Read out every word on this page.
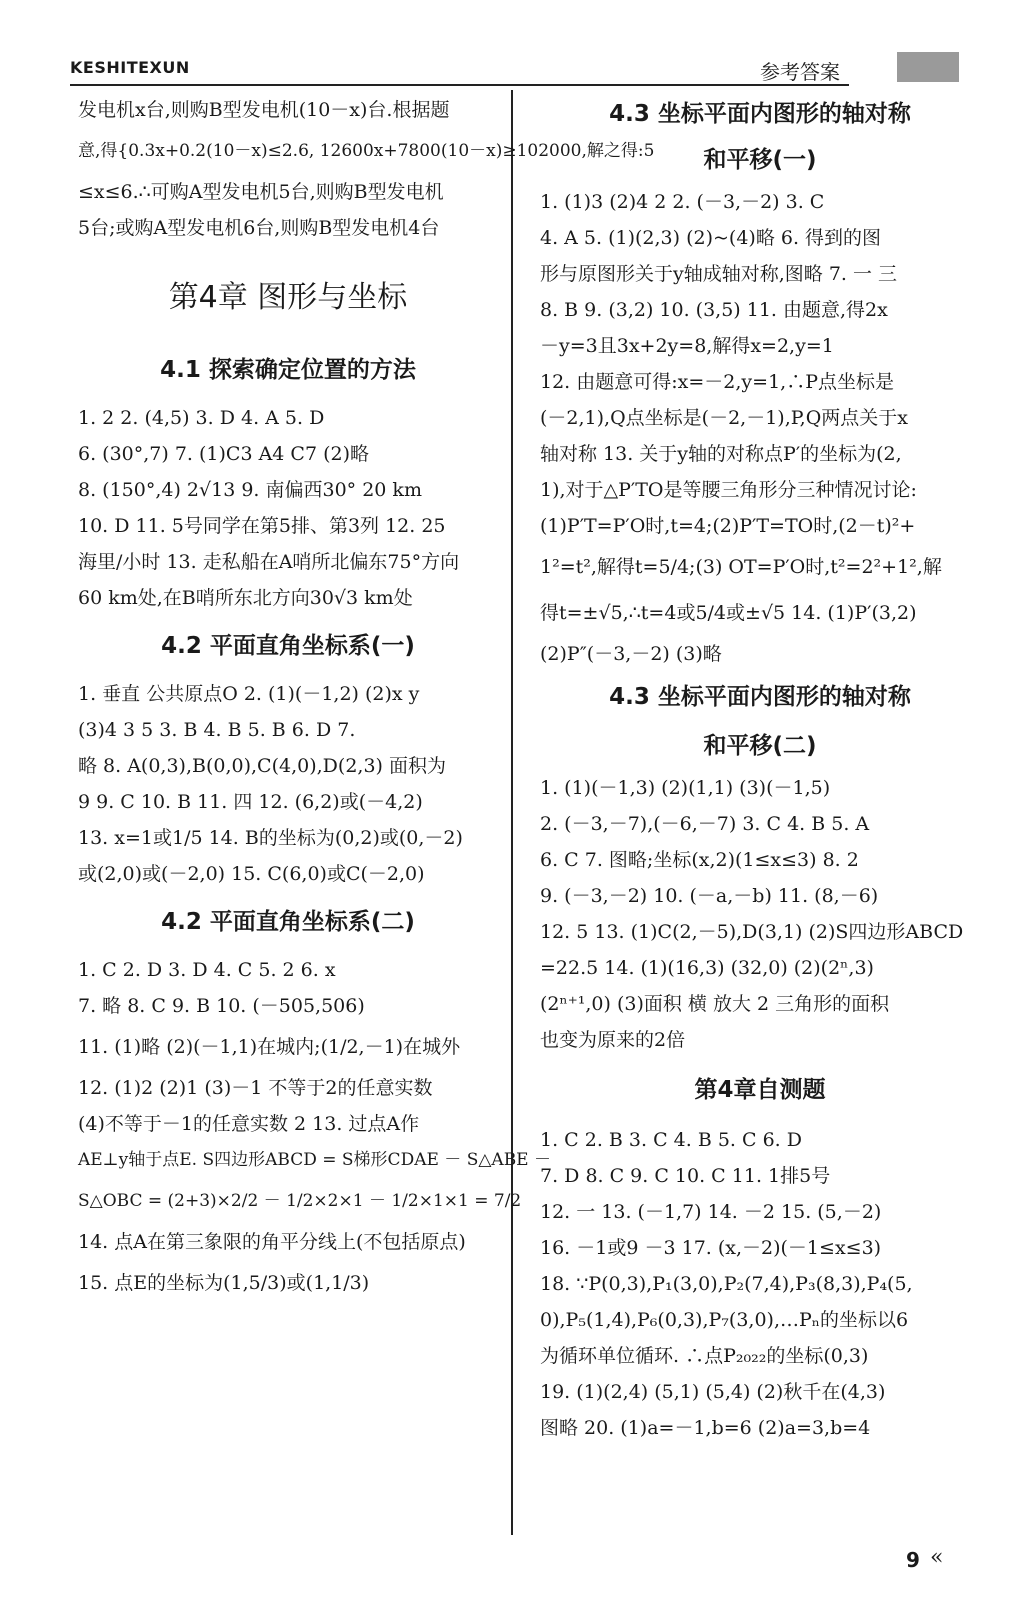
KESHITEXUN	参考答案
发电机x台,则购B型发电机(10－x)台.根据题
意,得{0.3x+0.2(10－x)≤2.6, 12600x+7800(10－x)≥102000,解之得:5
≤x≤6.∴可购A型发电机5台,则购B型发电机
5台;或购A型发电机6台,则购B型发电机4台
第4章 图形与坐标
4.1 探索确定位置的方法
1. 2 2. (4,5) 3. D 4. A 5. D
6. (30°,7) 7. (1)C3 A4 C7 (2)略
8. (150°,4) 2√13 9. 南偏西30° 20 km
10. D 11. 5号同学在第5排、第3列 12. 25
海里/小时 13. 走私船在A哨所北偏东75°方向
60 km处,在B哨所东北方向30√3 km处
4.2 平面直角坐标系(一)
1. 垂直 公共原点O 2. (1)(－1,2) (2)x y
(3)4 3 5 3. B 4. B 5. B 6. D 7.
略 8. A(0,3),B(0,0),C(4,0),D(2,3) 面积为
9 9. C 10. B 11. 四 12. (6,2)或(－4,2)
13. x=1或1/5 14. B的坐标为(0,2)或(0,－2)
或(2,0)或(－2,0) 15. C(6,0)或C(－2,0)
4.2 平面直角坐标系(二)
1. C 2. D 3. D 4. C 5. 2 6. x
7. 略 8. C 9. B 10. (－505,506)
11. (1)略 (2)(－1,1)在城内;(1/2,－1)在城外
12. (1)2 (2)1 (3)－1 不等于2的任意实数
(4)不等于－1的任意实数 2 13. 过点A作
AE⊥y轴于点E. S四边形ABCD = S梯形CDAE － S△ABE －
S△OBC = (2+3)×2/2 － 1/2×2×1 － 1/2×1×1 = 7/2
14. 点A在第三象限的角平分线上(不包括原点)
15. 点E的坐标为(1,5/3)或(1,1/3)
4.3 坐标平面内图形的轴对称
和平移(一)
1. (1)3 (2)4 2 2. (－3,－2) 3. C
4. A 5. (1)(2,3) (2)~(4)略 6. 得到的图
形与原图形关于y轴成轴对称,图略 7. 一 三
8. B 9. (3,2) 10. (3,5) 11. 由题意,得2x
－y=3且3x+2y=8,解得x=2,y=1
12. 由题意可得:x=－2,y=1,∴P点坐标是
(－2,1),Q点坐标是(－2,－1),P,Q两点关于x
轴对称 13. 关于y轴的对称点P′的坐标为(2,
1),对于△P′TO是等腰三角形分三种情况讨论:
(1)P′T=P′O时,t=4;(2)P′T=TO时,(2－t)²+
1²=t²,解得t=5/4;(3) OT=P′O时,t²=2²+1²,解
得t=±√5,∴t=4或5/4或±√5 14. (1)P′(3,2)
(2)P″(－3,－2) (3)略
4.3 坐标平面内图形的轴对称
和平移(二)
1. (1)(－1,3) (2)(1,1) (3)(－1,5)
2. (－3,－7),(－6,－7) 3. C 4. B 5. A
6. C 7. 图略;坐标(x,2)(1≤x≤3) 8. 2
9. (－3,－2) 10. (－a,－b) 11. (8,－6)
12. 5 13. (1)C(2,－5),D(3,1) (2)S四边形ABCD
=22.5 14. (1)(16,3) (32,0) (2)(2ⁿ,3)
(2ⁿ⁺¹,0) (3)面积 横 放大 2 三角形的面积
也变为原来的2倍
第4章自测题
1. C 2. B 3. C 4. B 5. C 6. D
7. D 8. C 9. C 10. C 11. 1排5号
12. 一 13. (－1,7) 14. －2 15. (5,－2)
16. －1或9 －3 17. (x,－2)(－1≤x≤3)
18. ∵P(0,3),P₁(3,0),P₂(7,4),P₃(8,3),P₄(5,
0),P₅(1,4),P₆(0,3),P₇(3,0),…Pₙ的坐标以6
为循环单位循环. ∴点P₂₀₂₂的坐标(0,3)
19. (1)(2,4) (5,1) (5,4) (2)秋千在(4,3)
图略 20. (1)a=－1,b=6 (2)a=3,b=4
9 «
